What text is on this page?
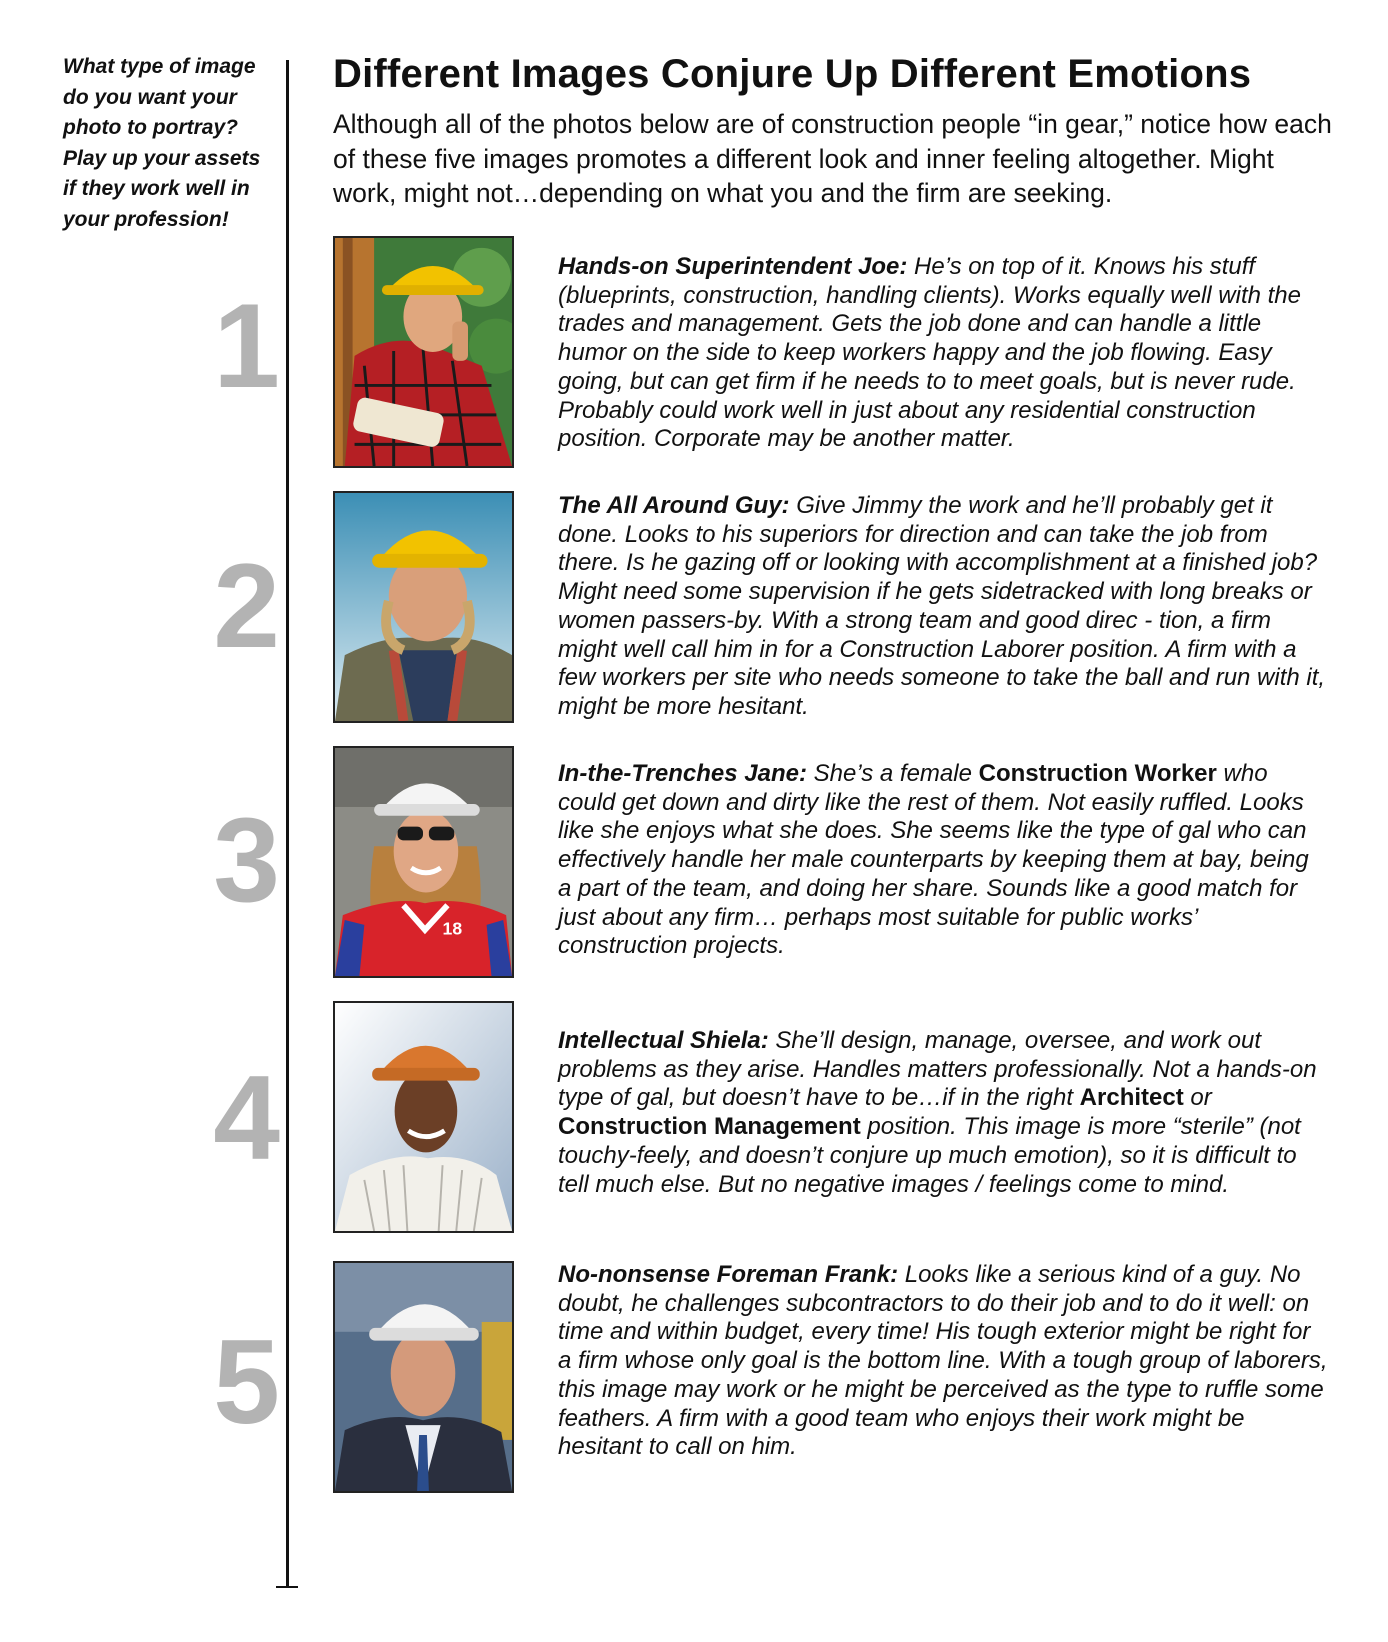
What type of image do you want your photo to portray? Play up your assets if they work well in your profession!
Different Images Conjure Up Different Emotions
Although all of the photos below are of construction people “in gear,” notice how each of these five images promotes a different look and inner feeling altogether. Might work, might not…depending on what you and the firm are seeking.
1
Hands-on Superintendent Joe: He’s on top of it. Knows his stuff (blueprints, construction, handling clients). Works equally well with the trades and management. Gets the job done and can handle a little humor on the side to keep workers happy and the job flowing. Easy going, but can get firm if he needs to to meet goals, but is never rude. Probably could work well in just about any residential construction position. Corporate may be another matter.
2
The All Around Guy: Give Jimmy the work and he’ll probably get it done. Looks to his superiors for direction and can take the job from there. Is he gazing off or looking with accomplishment at a finished job? Might need some supervision if he gets sidetracked with long breaks or women passers-by. With a strong team and good direc - tion, a firm might well call him in for a Construction Laborer position. A firm with a few workers per site who needs someone to take the ball and run with it, might be more hesitant.
3
18
In-the-Trenches Jane: She’s a female Construction Worker who could get down and dirty like the rest of them. Not easily ruffled. Looks like she enjoys what she does. She seems like the type of gal who can effectively handle her male counterparts by keeping them at bay, being a part of the team, and doing her share. Sounds like a good match for just about any firm… perhaps most suitable for public works’ construction projects.
4
Intellectual Shiela: She’ll design, manage, oversee, and work out problems as they arise. Handles matters professionally. Not a hands-on type of gal, but doesn’t have to be…if in the right Architect or Construction Management position. This image is more “sterile” (not touchy-feely, and doesn’t conjure up much emotion), so it is difficult to tell much else. But no negative images / feelings come to mind.
5
No-nonsense Foreman Frank: Looks like a serious kind of a guy. No doubt, he challenges subcontractors to do their job and to do it well: on time and within budget, every time! His tough exterior might be right for a firm whose only goal is the bottom line. With a tough group of laborers, this image may work or he might be perceived as the type to ruffle some feathers. A firm with a good team who enjoys their work might be hesitant to call on him.
